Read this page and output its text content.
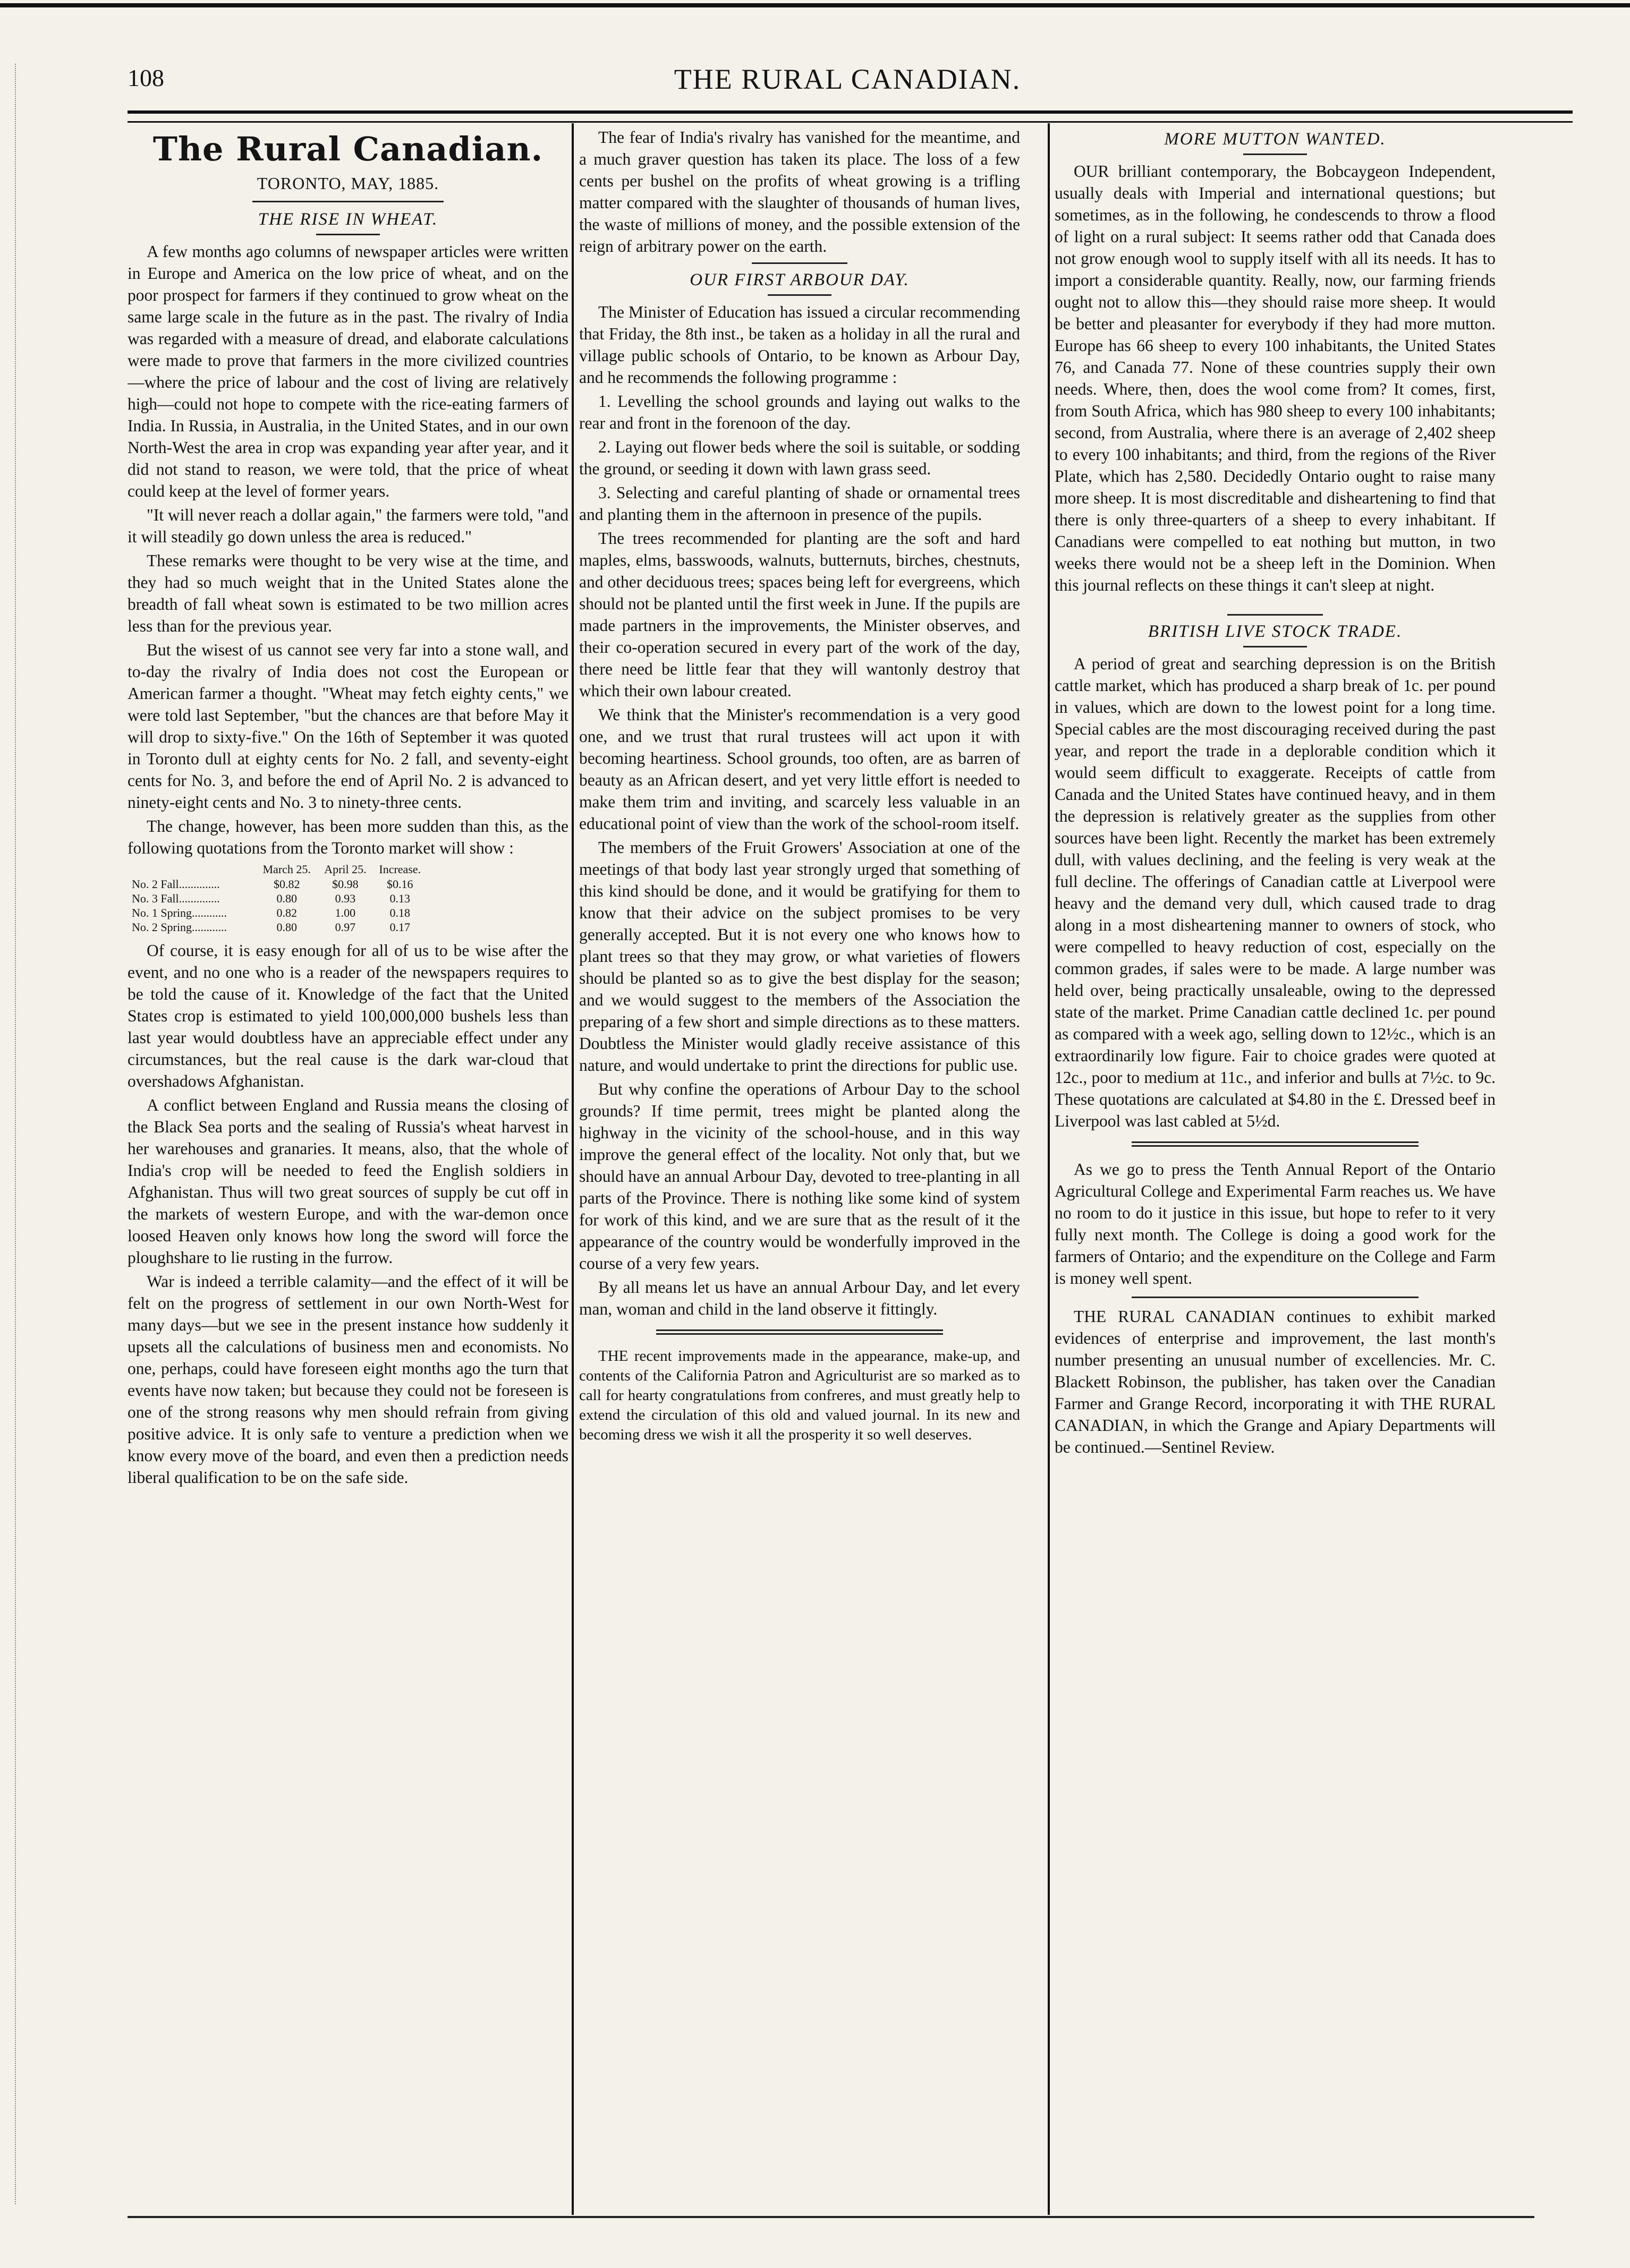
108	THE RURAL CANADIAN.
The Rural Canadian.
TORONTO, MAY, 1885.
THE RISE IN WHEAT.

A few months ago columns of newspaper articles were written in Europe and America on the low price of wheat, and on the poor prospect for farmers if they continued to grow wheat on the same large scale in the future as in the past. The rivalry of India was regarded with a measure of dread, and elaborate calculations were made to prove that farmers in the more civilized countries—where the price of labour and the cost of living are relatively high—could not hope to compete with the rice-eating farmers of India. In Russia, in Australia, in the United States, and in our own North-West the area in crop was expanding year after year, and it did not stand to reason, we were told, that the price of wheat could keep at the level of former years.

"It will never reach a dollar again," the farmers were told, "and it will steadily go down unless the area is reduced."

These remarks were thought to be very wise at the time, and they had so much weight that in the United States alone the breadth of fall wheat sown is estimated to be two million acres less than for the previous year.

But the wisest of us cannot see very far into a stone wall, and to-day the rivalry of India does not cost the European or American farmer a thought. "Wheat may fetch eighty cents," we were told last September, "but the chances are that before May it will drop to sixty-five." On the 16th of September it was quoted in Toronto dull at eighty cents for No. 2 fall, and seventy-eight cents for No. 3, and before the end of April No. 2 is advanced to ninety-eight cents and No. 3 to ninety-three cents.

The change, however, has been more sudden than this, as the following quotations from the Toronto market will show :

	March 25.	April 25.	Increase.
No. 2 Fall..............	$0.82	$0.98	$0.16
No. 3 Fall..............	0.80	0.93	0.13
No. 1 Spring............	0.82	1.00	0.18
No. 2 Spring............	0.80	0.97	0.17

Of course, it is easy enough for all of us to be wise after the event, and no one who is a reader of the newspapers requires to be told the cause of it. Knowledge of the fact that the United States crop is estimated to yield 100,000,000 bushels less than last year would doubtless have an appreciable effect under any circumstances, but the real cause is the dark war-cloud that overshadows Afghanistan.

A conflict between England and Russia means the closing of the Black Sea ports and the sealing of Russia's wheat harvest in her warehouses and granaries. It means, also, that the whole of India's crop will be needed to feed the English soldiers in Afghanistan. Thus will two great sources of supply be cut off in the markets of western Europe, and with the war-demon once loosed Heaven only knows how long the sword will force the ploughshare to lie rusting in the furrow.

War is indeed a terrible calamity—and the effect of it will be felt on the progress of settlement in our own North-West for many days—but we see in the present instance how suddenly it upsets all the calculations of business men and economists. No one, perhaps, could have foreseen eight months ago the turn that events have now taken; but because they could not be foreseen is one of the strong reasons why men should refrain from giving positive advice. It is only safe to venture a prediction when we know every move of the board, and even then a prediction needs liberal qualification to be on the safe side.

The fear of India's rivalry has vanished for the meantime, and a much graver question has taken its place. The loss of a few cents per bushel on the profits of wheat growing is a trifling matter compared with the slaughter of thousands of human lives, the waste of millions of money, and the possible extension of the reign of arbitrary power on the earth.

OUR FIRST ARBOUR DAY.

The Minister of Education has issued a circular recommending that Friday, the 8th inst., be taken as a holiday in all the rural and village public schools of Ontario, to be known as Arbour Day, and he recommends the following programme :

1. Levelling the school grounds and laying out walks to the rear and front in the forenoon of the day.

2. Laying out flower beds where the soil is suitable, or sodding the ground, or seeding it down with lawn grass seed.

3. Selecting and careful planting of shade or ornamental trees and planting them in the afternoon in presence of the pupils.

The trees recommended for planting are the soft and hard maples, elms, basswoods, walnuts, butternuts, birches, chestnuts, and other deciduous trees; spaces being left for evergreens, which should not be planted until the first week in June. If the pupils are made partners in the improvements, the Minister observes, and their co-operation secured in every part of the work of the day, there need be little fear that they will wantonly destroy that which their own labour created.

We think that the Minister's recommendation is a very good one, and we trust that rural trustees will act upon it with becoming heartiness. School grounds, too often, are as barren of beauty as an African desert, and yet very little effort is needed to make them trim and inviting, and scarcely less valuable in an educational point of view than the work of the school-room itself.

The members of the Fruit Growers' Association at one of the meetings of that body last year strongly urged that something of this kind should be done, and it would be gratifying for them to know that their advice on the subject promises to be very generally accepted. But it is not every one who knows how to plant trees so that they may grow, or what varieties of flowers should be planted so as to give the best display for the season; and we would suggest to the members of the Association the preparing of a few short and simple directions as to these matters. Doubtless the Minister would gladly receive assistance of this nature, and would undertake to print the directions for public use.

But why confine the operations of Arbour Day to the school grounds? If time permit, trees might be planted along the highway in the vicinity of the school-house, and in this way improve the general effect of the locality. Not only that, but we should have an annual Arbour Day, devoted to tree-planting in all parts of the Province. There is nothing like some kind of system for work of this kind, and we are sure that as the result of it the appearance of the country would be wonderfully improved in the course of a very few years.

By all means let us have an annual Arbour Day, and let every man, woman and child in the land observe it fittingly.

THE recent improvements made in the appearance, make-up, and contents of the California Patron and Agriculturist are so marked as to call for hearty congratulations from confreres, and must greatly help to extend the circulation of this old and valued journal. In its new and becoming dress we wish it all the prosperity it so well deserves.

MORE MUTTON WANTED.

OUR brilliant contemporary, the Bobcaygeon Independent, usually deals with Imperial and international questions; but sometimes, as in the following, he condescends to throw a flood of light on a rural subject: It seems rather odd that Canada does not grow enough wool to supply itself with all its needs. It has to import a considerable quantity. Really, now, our farming friends ought not to allow this—they should raise more sheep. It would be better and pleasanter for everybody if they had more mutton. Europe has 66 sheep to every 100 inhabitants, the United States 76, and Canada 77. None of these countries supply their own needs. Where, then, does the wool come from? It comes, first, from South Africa, which has 980 sheep to every 100 inhabitants; second, from Australia, where there is an average of 2,402 sheep to every 100 inhabitants; and third, from the regions of the River Plate, which has 2,580. Decidedly Ontario ought to raise many more sheep. It is most discreditable and disheartening to find that there is only three-quarters of a sheep to every inhabitant. If Canadians were compelled to eat nothing but mutton, in two weeks there would not be a sheep left in the Dominion. When this journal reflects on these things it can't sleep at night.

BRITISH LIVE STOCK TRADE.

A period of great and searching depression is on the British cattle market, which has produced a sharp break of 1c. per pound in values, which are down to the lowest point for a long time. Special cables are the most discouraging received during the past year, and report the trade in a deplorable condition which it would seem difficult to exaggerate. Receipts of cattle from Canada and the United States have continued heavy, and in them the depression is relatively greater as the supplies from other sources have been light. Recently the market has been extremely dull, with values declining, and the feeling is very weak at the full decline. The offerings of Canadian cattle at Liverpool were heavy and the demand very dull, which caused trade to drag along in a most disheartening manner to owners of stock, who were compelled to heavy reduction of cost, especially on the common grades, if sales were to be made. A large number was held over, being practically unsaleable, owing to the depressed state of the market. Prime Canadian cattle declined 1c. per pound as compared with a week ago, selling down to 12½c., which is an extraordinarily low figure. Fair to choice grades were quoted at 12c., poor to medium at 11c., and inferior and bulls at 7½c. to 9c. These quotations are calculated at $4.80 in the £. Dressed beef in Liverpool was last cabled at 5½d.

As we go to press the Tenth Annual Report of the Ontario Agricultural College and Experimental Farm reaches us. We have no room to do it justice in this issue, but hope to refer to it very fully next month. The College is doing a good work for the farmers of Ontario; and the expenditure on the College and Farm is money well spent.

THE RURAL CANADIAN continues to exhibit marked evidences of enterprise and improvement, the last month's number presenting an unusual number of excellencies. Mr. C. Blackett Robinson, the publisher, has taken over the Canadian Farmer and Grange Record, incorporating it with THE RURAL CANADIAN, in which the Grange and Apiary Departments will be continued.—Sentinel Review.
